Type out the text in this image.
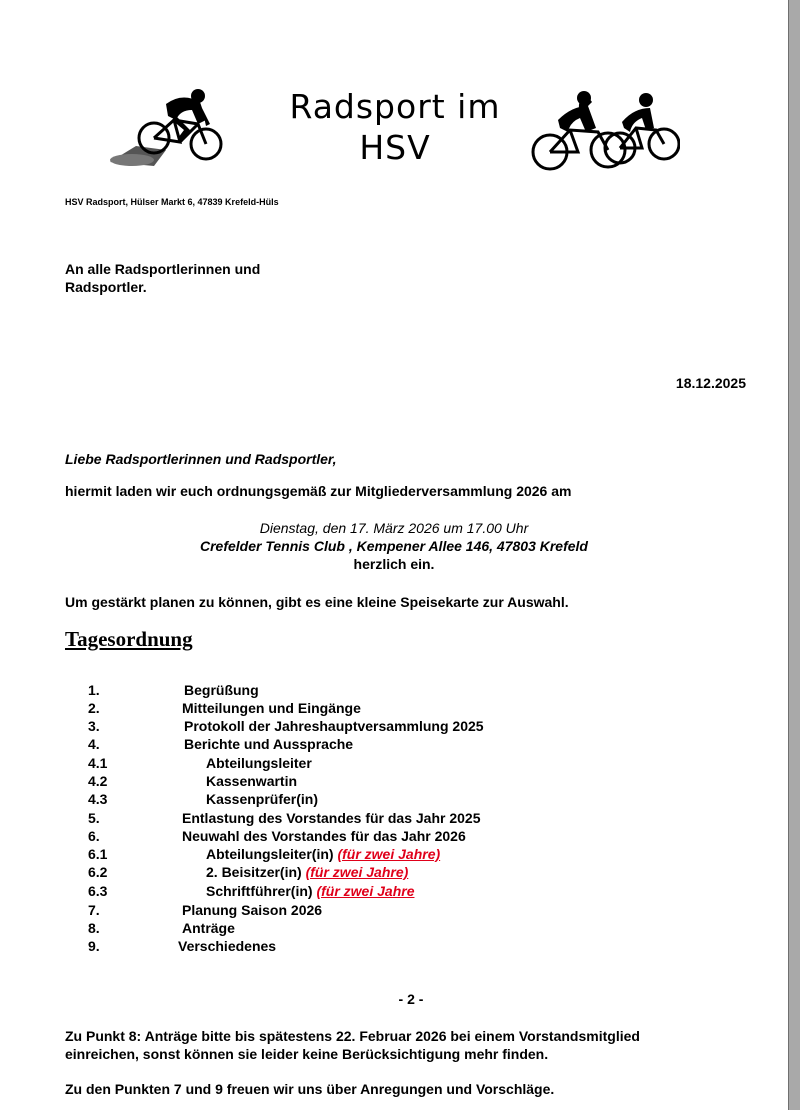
Radsport im
HSV
HSV Radsport, Hülser Markt 6, 47839 Krefeld-Hüls
An alle Radsportlerinnen und
Radsportler.
18.12.2025
Liebe Radsportlerinnen und Radsportler,
hiermit laden wir euch ordnungsgemäß zur Mitgliederversammlung 2026 am
Dienstag, den 17. März 2026 um 17.00 Uhr
Crefelder Tennis Club , Kempener Allee 146, 47803 Krefeld
herzlich ein.
Um gestärkt planen zu können, gibt es eine kleine Speisekarte zur Auswahl.
Tagesordnung
1.	Begrüßung
2.	Mitteilungen und Eingänge
3.	Protokoll der Jahreshauptversammlung 2025
4.	Berichte und Aussprache
4.1	Abteilungsleiter
4.2	Kassenwartin
4.3	Kassenprüfer(in)
5.	Entlastung des Vorstandes für das Jahr 2025
6.	Neuwahl des Vorstandes für das Jahr 2026
6.1	Abteilungsleiter(in) (für zwei Jahre)
6.2	2. Beisitzer(in) (für zwei Jahre)
6.3	Schriftführer(in) (für zwei Jahre
7.	Planung Saison 2026
8.	Anträge
9.	Verschiedenes
- 2 -
Zu Punkt 8: Anträge bitte bis spätestens 22. Februar 2026 bei einem Vorstandsmitglied
einreichen, sonst können sie leider keine Berücksichtigung mehr finden.
Zu den Punkten 7 und 9 freuen wir uns über Anregungen und Vorschläge.
